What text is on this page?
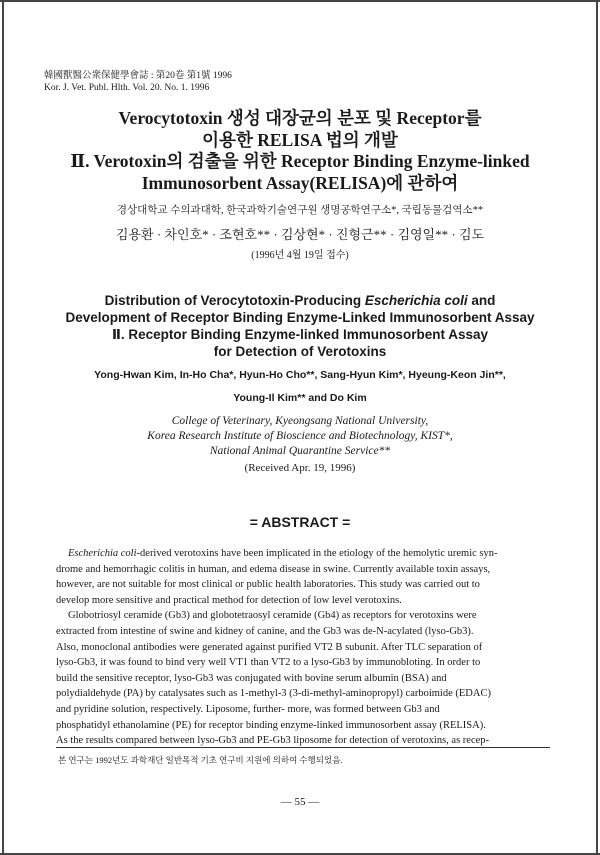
韓國獸醫公衆保健學會誌 : 第20卷 第1號 1996
Kor. J. Vet. Publ. Hlth. Vol. 20. No. 1. 1996
Verocytotoxin 생성 대장균의 분포 및 Receptor를
이용한 RELISA 법의 개발
Ⅱ. Verotoxin의 검출을 위한 Receptor Binding Enzyme-linked
Immunosorbent Assay(RELISA)에 관하여
경상대학교 수의과대학, 한국과학기술연구원 생명공학연구소*, 국립동물검역소**
김용환 · 차인호* · 조현호** · 김상현* · 진형근** · 김영일** · 김도
(1996년 4월 19일 접수)
Distribution of Verocytotoxin-Producing Escherichia coli and
Development of Receptor Binding Enzyme-Linked Immunosorbent Assay
Ⅱ. Receptor Binding Enzyme-linked Immunosorbent Assay
for Detection of Verotoxins
Yong-Hwan Kim, In-Ho Cha*, Hyun-Ho Cho**, Sang-Hyun Kim*, Hyeung-Keon Jin**,
Young-Il Kim** and Do Kim
College of Veterinary, Kyeongsang National University,
Korea Research Institute of Bioscience and Biotechnology, KIST*,
National Animal Quarantine Service**
(Received Apr. 19, 1996)
= ABSTRACT =
Escherichia coli-derived verotoxins have been implicated in the etiology of the hemolytic uremic syn-
drome and hemorrhagic colitis in human, and edema disease in swine. Currently available toxin assays,
however, are not suitable for most clinical or public health laboratories. This study was carried out to
develop more sensitive and practical method for detection of low level verotoxins.
Globotriosyl ceramide (Gb3) and globotetraosyl ceramide (Gb4) as receptors for verotoxins were
extracted from intestine of swine and kidney of canine, and the Gb3 was de-N-acylated (lyso-Gb3).
Also, monoclonal antibodies were generated against purified VT2 B subunit. After TLC separation of
lyso-Gb3, it was found to bind very well VT1 than VT2 to a lyso-Gb3 by immunobloting. In order to
build the sensitive receptor, lyso-Gb3 was conjugated with bovine serum albumin (BSA) and
polydialdehyde (PA) by catalysates such as 1-methyl-3 (3-di-methyl-aminopropyl) carboimide (EDAC)
and pyridine solution, respectively. Liposome, further- more, was formed between Gb3 and
phosphatidyl ethanolamine (PE) for receptor binding enzyme-linked immunosorbent assay (RELISA).
As the results compared between lyso-Gb3 and PE-Gb3 liposome for detection of verotoxins, as recep-
본 연구는 1992년도 과학재단 일반목적 기초 연구비 지원에 의하여 수행되었음.
— 55 —
